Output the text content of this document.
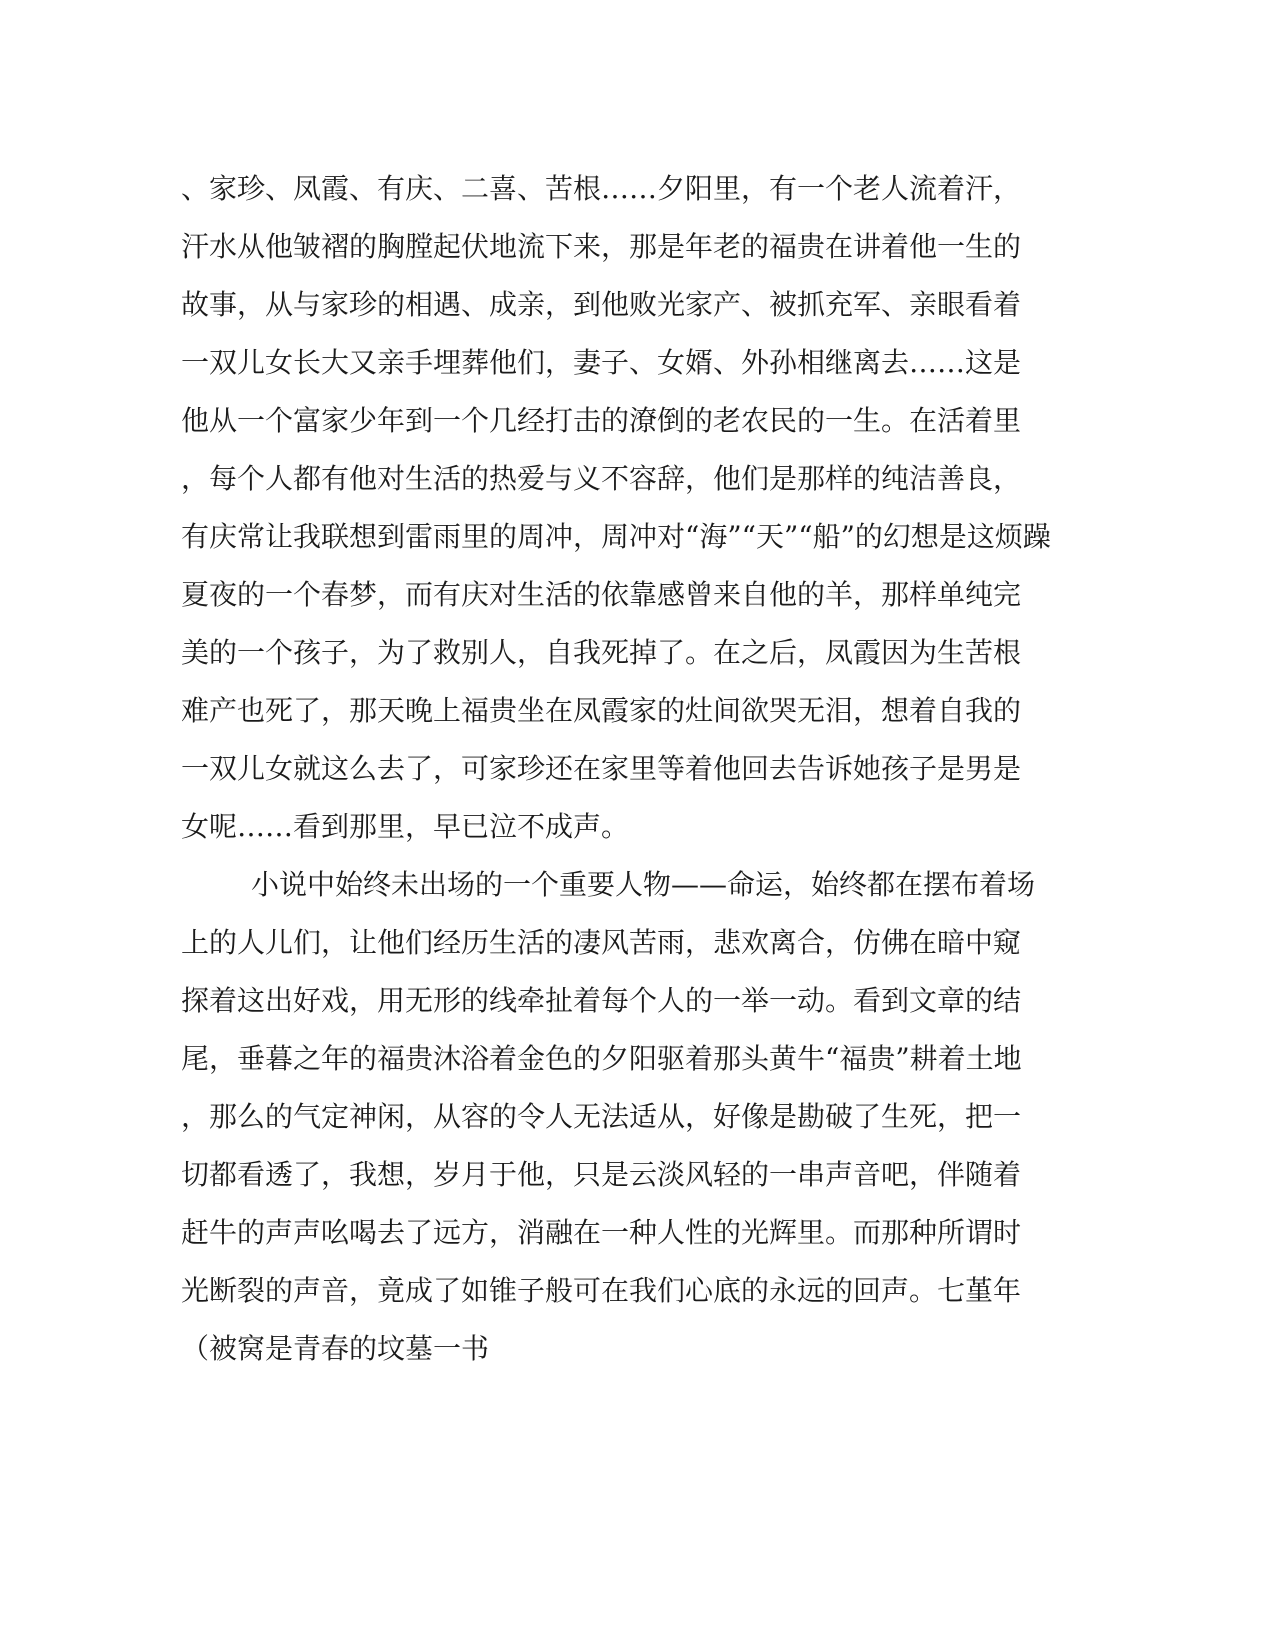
、家珍、凤霞、有庆、二喜、苦根……夕阳里，有一个老人流着汗，
汗水从他皱褶的胸膛起伏地流下来，那是年老的福贵在讲着他一生的
故事，从与家珍的相遇、成亲，到他败光家产、被抓充军、亲眼看着
一双儿女长大又亲手埋葬他们，妻子、女婿、外孙相继离去……这是
他从一个富家少年到一个几经打击的潦倒的老农民的一生。在活着里
，每个人都有他对生活的热爱与义不容辞，他们是那样的纯洁善良，
有庆常让我联想到雷雨里的周冲，周冲对“海”“天”“船”的幻想是这烦躁
夏夜的一个春梦，而有庆对生活的依靠感曾来自他的羊，那样单纯完
美的一个孩子，为了救别人，自我死掉了。在之后，凤霞因为生苦根
难产也死了，那天晚上福贵坐在凤霞家的灶间欲哭无泪，想着自我的
一双儿女就这么去了，可家珍还在家里等着他回去告诉她孩子是男是
女呢……看到那里，早已泣不成声。
小说中始终未出场的一个重要人物——命运，始终都在摆布着场
上的人儿们，让他们经历生活的凄风苦雨，悲欢离合，仿佛在暗中窥
探着这出好戏，用无形的线牵扯着每个人的一举一动。看到文章的结
尾，垂暮之年的福贵沐浴着金色的夕阳驱着那头黄牛“福贵”耕着土地
，那么的气定神闲，从容的令人无法适从，好像是勘破了生死，把一
切都看透了，我想，岁月于他，只是云淡风轻的一串声音吧，伴随着
赶牛的声声吆喝去了远方，消融在一种人性的光辉里。而那种所谓时
光断裂的声音，竟成了如锥子般可在我们心底的永远的回声。七堇年
（被窝是青春的坟墓一书
